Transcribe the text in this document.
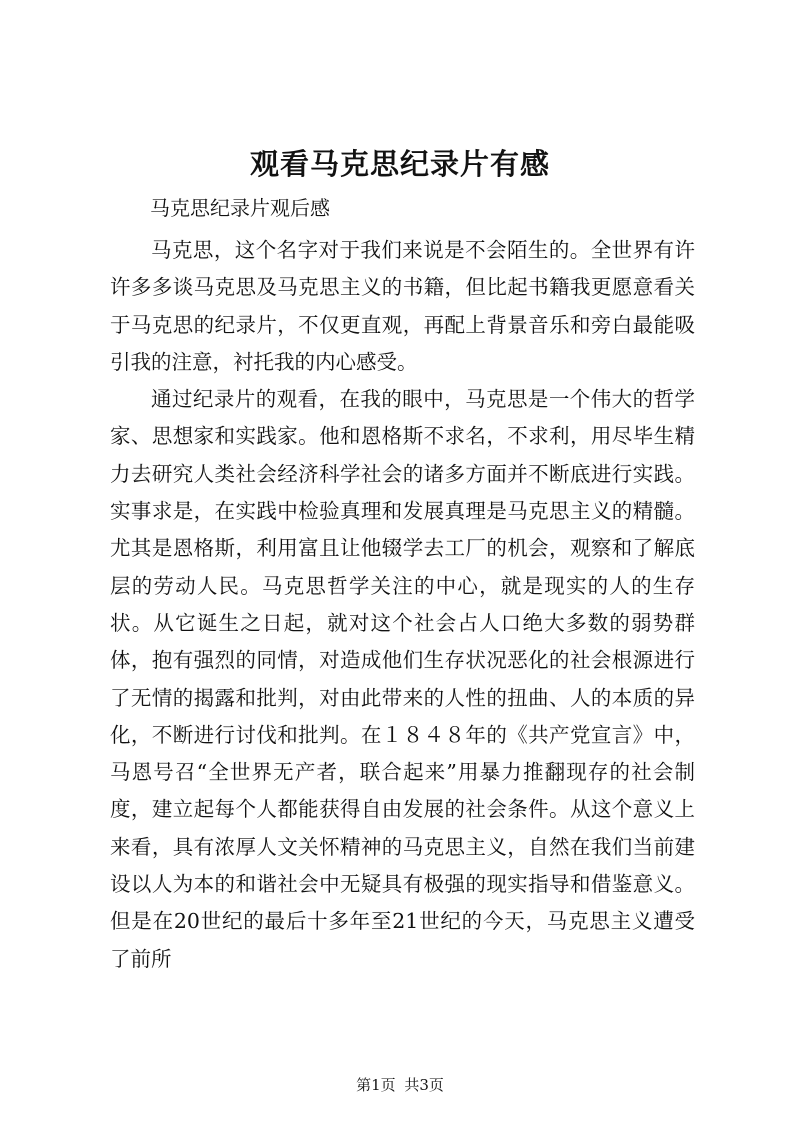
观看马克思纪录片有感

马克思纪录片观后感

马克思，这个名字对于我们来说是不会陌生的。全世界有许许多多谈马克思及马克思主义的书籍，但比起书籍我更愿意看关于马克思的纪录片，不仅更直观，再配上背景音乐和旁白最能吸引我的注意，衬托我的内心感受。

通过纪录片的观看，在我的眼中，马克思是一个伟大的哲学家、思想家和实践家。他和恩格斯不求名，不求利，用尽毕生精力去研究人类社会经济科学社会的诸多方面并不断底进行实践。实事求是，在实践中检验真理和发展真理是马克思主义的精髓。尤其是恩格斯，利用富且让他辍学去工厂的机会，观察和了解底层的劳动人民。马克思哲学关注的中心，就是现实的人的生存状。从它诞生之日起，就对这个社会占人口绝大多数的弱势群体，抱有强烈的同情，对造成他们生存状况恶化的社会根源进行了无情的揭露和批判，对由此带来的人性的扭曲、人的本质的异化，不断进行讨伐和批判。在１８４８年的《共产党宣言》中，马恩号召“全世界无产者，联合起来”用暴力推翻现存的社会制度，建立起每个人都能获得自由发展的社会条件。从这个意义上来看，具有浓厚人文关怀精神的马克思主义，自然在我们当前建设以人为本的和谐社会中无疑具有极强的现实指导和借鉴意义。但是在20世纪的最后十多年至21世纪的今天，马克思主义遭受了前所

第1页 共3页
